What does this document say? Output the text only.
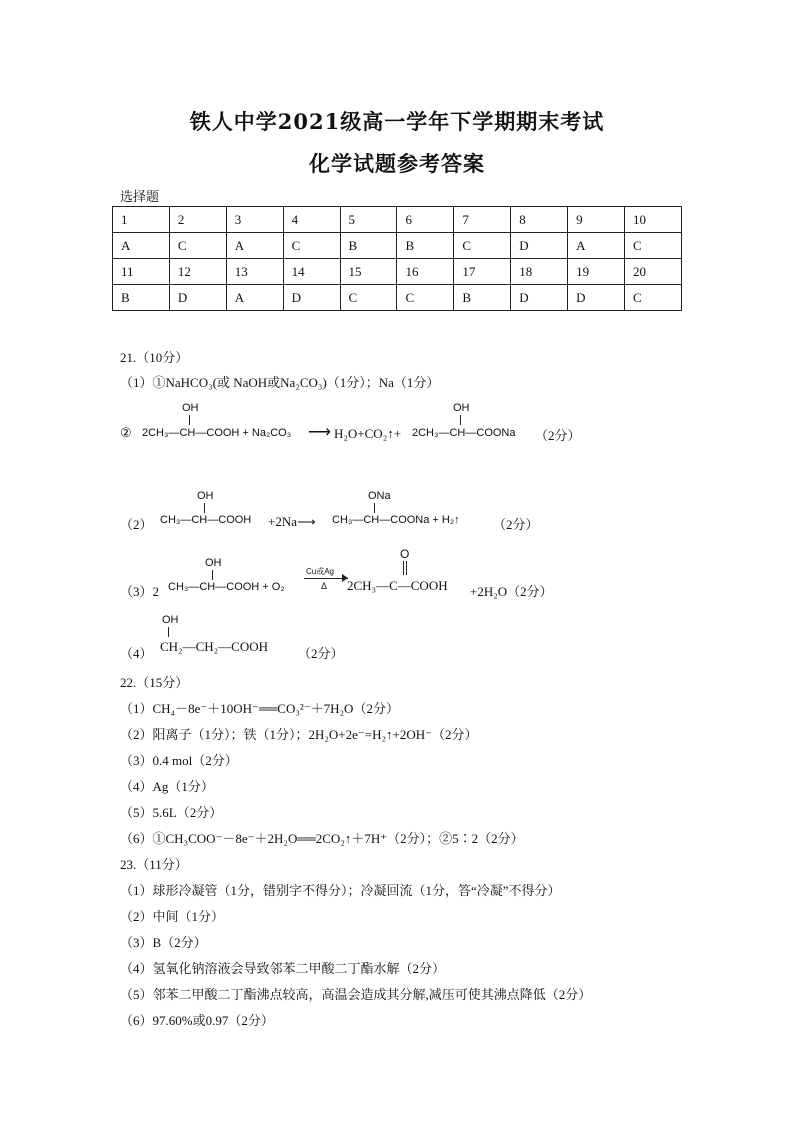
铁人中学2021级高一学年下学期期末考试
化学试题参考答案
选择题
1	2	3	4	5	6	7	8	9	10
A	C	A	C	B	B	C	D	A	C
11	12	13	14	15	16	17	18	19	20
B	D	A	D	C	C	B	D	D	C
21.（10分）
（1）①NaHCO₃(或 NaOH或Na₂CO₃)（1分）；Na（1分）
②
OH
2CH₃—CH—COOH + Na₂CO₃ ⟶ H₂O+CO₂↑+
OH
2CH₃—CH—COONa （2分）
（2）
OH
CH₃—CH—COOH +2Na⟶
ONa
CH₃—CH—COONa + H₂↑	（2分）
（3）2
OH
CH₃—CH—COOH + O₂
Cu或Ag
Δ
O
2CH₃—C—COOH +2H₂O（2分）
（4）
OH
CH₂—CH₂—COOH （2分）
22.（15分）
（1）CH₄－8e⁻＋10OH⁻══CO₃²⁻＋7H₂O（2分）
（2）阳离子（1分）；铁（1分）；2H₂O+2e⁻=H₂↑+2OH⁻（2分）
（3）0.4 mol（2分）
（4）Ag（1分）
（5）5.6L（2分）
（6）①CH₃COO⁻－8e⁻＋2H₂O══2CO₂↑＋7H⁺（2分）；②5∶2（2分）
23.（11分）
（1）球形冷凝管（1分，错别字不得分）；冷凝回流（1分，答“冷凝”不得分）
（2）中间（1分）
（3）B（2分）
（4）氢氧化钠溶液会导致邻苯二甲酸二丁酯水解（2分）
（5）邻苯二甲酸二丁酯沸点较高，高温会造成其分解,减压可使其沸点降低（2分）
（6）97.60%或0.97（2分）
